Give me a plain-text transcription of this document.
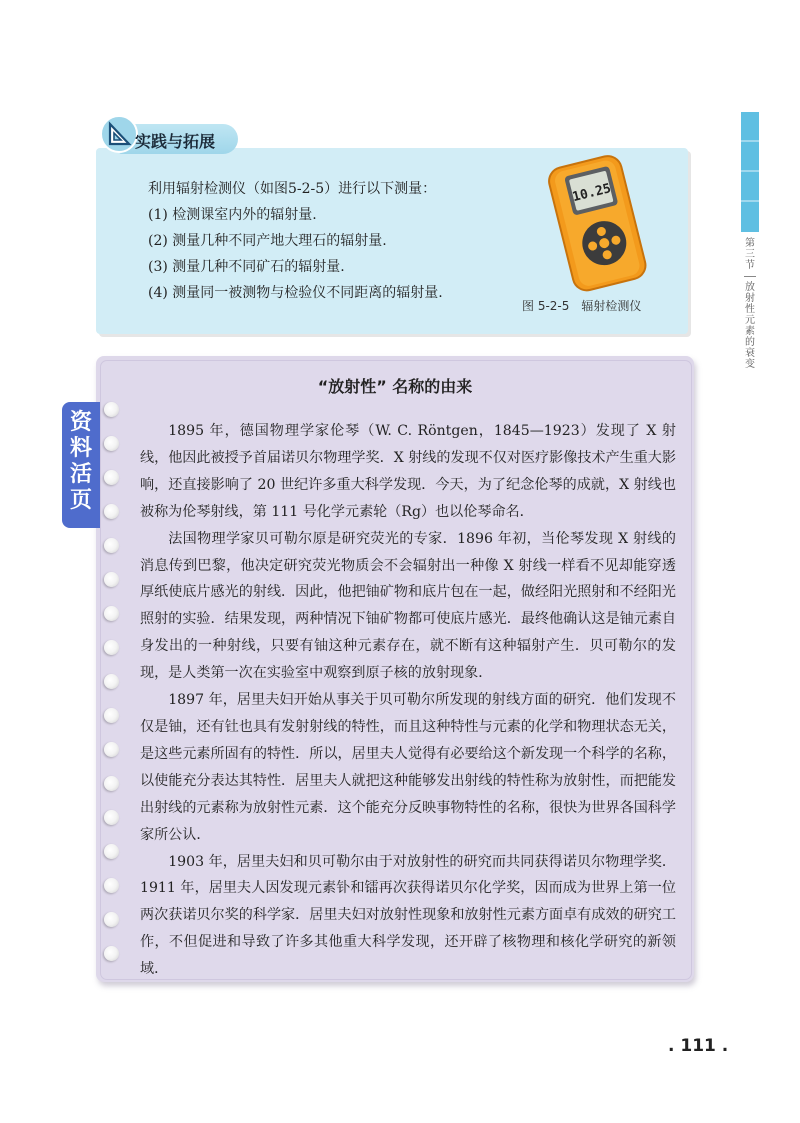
第三节
放射性元素的衰变
实践与拓展

利用辐射检测仪（如图5-2-5）进行以下测量：

(1) 检测课室内外的辐射量.

(2) 测量几种不同产地大理石的辐射量.

(3) 测量几种不同矿石的辐射量.

(4) 测量同一被测物与检验仪不同距离的辐射量.

10.25
图 5-2-5　辐射检测仪
资料活页
“放射性” 名称的由来

1895 年，德国物理学家伦琴（W. C. Röntgen，1845—1923）发现了 X 射线，他因此被授予首届诺贝尔物理学奖．X 射线的发现不仅对医疗影像技术产生重大影响，还直接影响了 20 世纪许多重大科学发现．今天，为了纪念伦琴的成就，X 射线也被称为伦琴射线，第 111 号化学元素轮（Rg）也以伦琴命名．

法国物理学家贝可勒尔原是研究荧光的专家．1896 年初，当伦琴发现 X 射线的消息传到巴黎，他决定研究荧光物质会不会辐射出一种像 X 射线一样看不见却能穿透厚纸使底片感光的射线．因此，他把铀矿物和底片包在一起，做经阳光照射和不经阳光照射的实验．结果发现，两种情况下铀矿物都可使底片感光．最终他确认这是铀元素自身发出的一种射线，只要有铀这种元素存在，就不断有这种辐射产生．贝可勒尔的发现，是人类第一次在实验室中观察到原子核的放射现象．

1897 年，居里夫妇开始从事关于贝可勒尔所发现的射线方面的研究．他们发现不仅是铀，还有钍也具有发射射线的特性，而且这种特性与元素的化学和物理状态无关，是这些元素所固有的特性．所以，居里夫人觉得有必要给这个新发现一个科学的名称，以使能充分表达其特性．居里夫人就把这种能够发出射线的特性称为放射性，而把能发出射线的元素称为放射性元素．这个能充分反映事物特性的名称，很快为世界各国科学家所公认．

1903 年，居里夫妇和贝可勒尔由于对放射性的研究而共同获得诺贝尔物理学奖．1911 年，居里夫人因发现元素钋和镭再次获得诺贝尔化学奖，因而成为世界上第一位两次获诺贝尔奖的科学家．居里夫妇对放射性现象和放射性元素方面卓有成效的研究工作，不但促进和导致了许多其他重大科学发现，还开辟了核物理和核化学研究的新领域．

. 111 .
